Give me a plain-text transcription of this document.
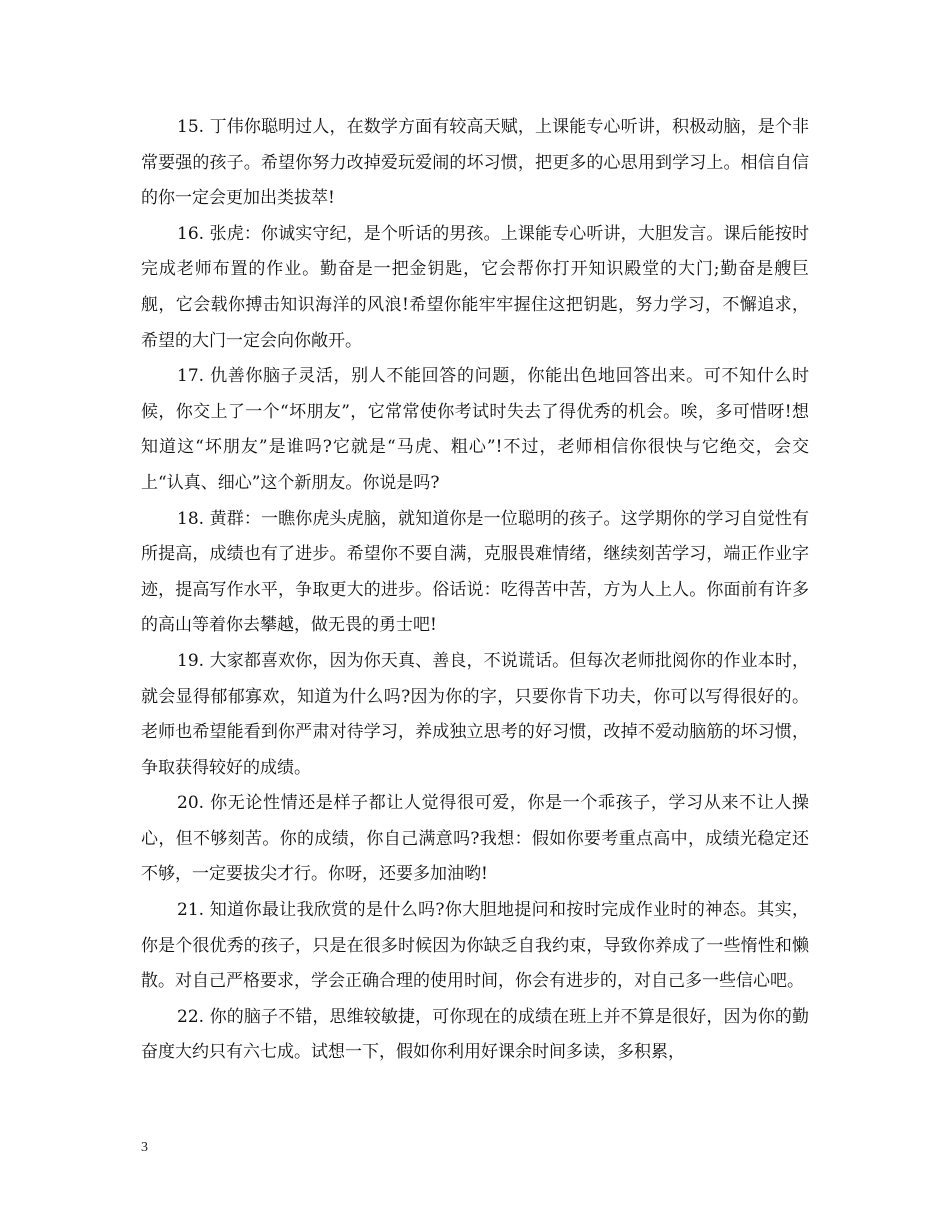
15. 丁伟你聪明过人，在数学方面有较高天赋，上课能专心听讲，积极动脑，是个非常要强的孩子。希望你努力改掉爱玩爱闹的坏习惯，把更多的心思用到学习上。相信自信的你一定会更加出类拔萃!

16. 张虎：你诚实守纪，是个听话的男孩。上课能专心听讲，大胆发言。课后能按时完成老师布置的作业。勤奋是一把金钥匙，它会帮你打开知识殿堂的大门;勤奋是艘巨舰，它会载你搏击知识海洋的风浪!希望你能牢牢握住这把钥匙，努力学习，不懈追求，希望的大门一定会向你敞开。

17. 仇善你脑子灵活，别人不能回答的问题，你能出色地回答出来。可不知什么时候，你交上了一个“坏朋友”，它常常使你考试时失去了得优秀的机会。唉，多可惜呀!想知道这“坏朋友”是谁吗?它就是“马虎、粗心”!不过，老师相信你很快与它绝交，会交上“认真、细心”这个新朋友。你说是吗?

18. 黄群：一瞧你虎头虎脑，就知道你是一位聪明的孩子。这学期你的学习自觉性有所提高，成绩也有了进步。希望你不要自满，克服畏难情绪，继续刻苦学习，端正作业字迹，提高写作水平，争取更大的进步。俗话说：吃得苦中苦，方为人上人。你面前有许多的高山等着你去攀越，做无畏的勇士吧!

19. 大家都喜欢你，因为你天真、善良，不说谎话。但每次老师批阅你的作业本时，就会显得郁郁寡欢，知道为什么吗?因为你的字，只要你肯下功夫，你可以写得很好的。老师也希望能看到你严肃对待学习，养成独立思考的好习惯，改掉不爱动脑筋的坏习惯，争取获得较好的成绩。

20. 你无论性情还是样子都让人觉得很可爱，你是一个乖孩子，学习从来不让人操心，但不够刻苦。你的成绩，你自己满意吗?我想：假如你要考重点高中，成绩光稳定还不够，一定要拔尖才行。你呀，还要多加油哟!

21. 知道你最让我欣赏的是什么吗?你大胆地提问和按时完成作业时的神态。其实，你是个很优秀的孩子，只是在很多时候因为你缺乏自我约束，导致你养成了一些惰性和懒散。对自己严格要求，学会正确合理的使用时间，你会有进步的，对自己多一些信心吧。

22. 你的脑子不错，思维较敏捷，可你现在的成绩在班上并不算是很好，因为你的勤奋度大约只有六七成。试想一下，假如你利用好课余时间多读，多积累，

3
